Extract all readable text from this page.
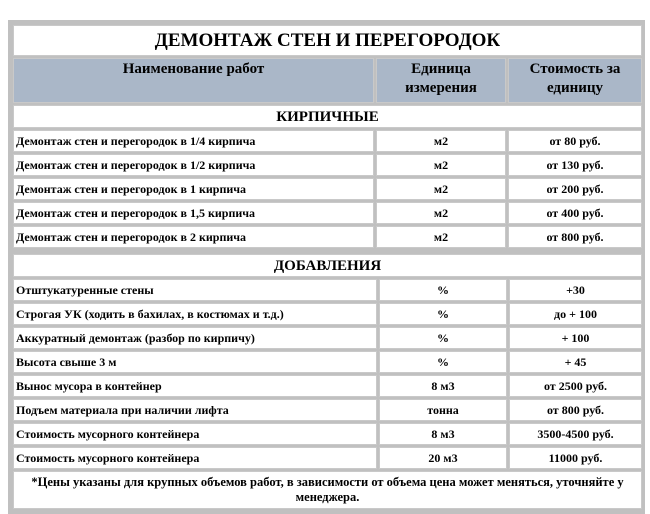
ДЕМОНТАЖ СТЕН И ПЕРЕГОРОДОК		
Наименование работ	Единица измерения	Стоимость за единицу
КИРПИЧНЫЕ		
Демонтаж стен и перегородок в 1/4 кирпича	м2	от 80 руб.
Демонтаж стен и перегородок в 1/2 кирпича	м2	от 130 руб.
Демонтаж стен и перегородок в 1 кирпича	м2	от 200 руб.
Демонтаж стен и перегородок в 1,5 кирпича	м2	от 400 руб.
Демонтаж стен и перегородок в 2 кирпича	м2	от 800 руб.
ДОБАВЛЕНИЯ		
Отштукатуренные стены	%	+30
Строгая УК (ходить в бахилах, в костюмах и т.д.)	%	до + 100
Аккуратный демонтаж (разбор по кирпичу)	%	+ 100
Высота свыше 3 м	%	+ 45
Вынос мусора в контейнер	8 м3	от 2500 руб.
Подъем материала при наличии лифта	тонна	от 800 руб.
Стоимость мусорного контейнера	8 м3	3500-4500 руб.
Стоимость мусорного контейнера	20 м3	11000 руб.
*Цены указаны для крупных объемов работ, в зависимости от объема цена может меняться, уточняйте у менеджера.		
